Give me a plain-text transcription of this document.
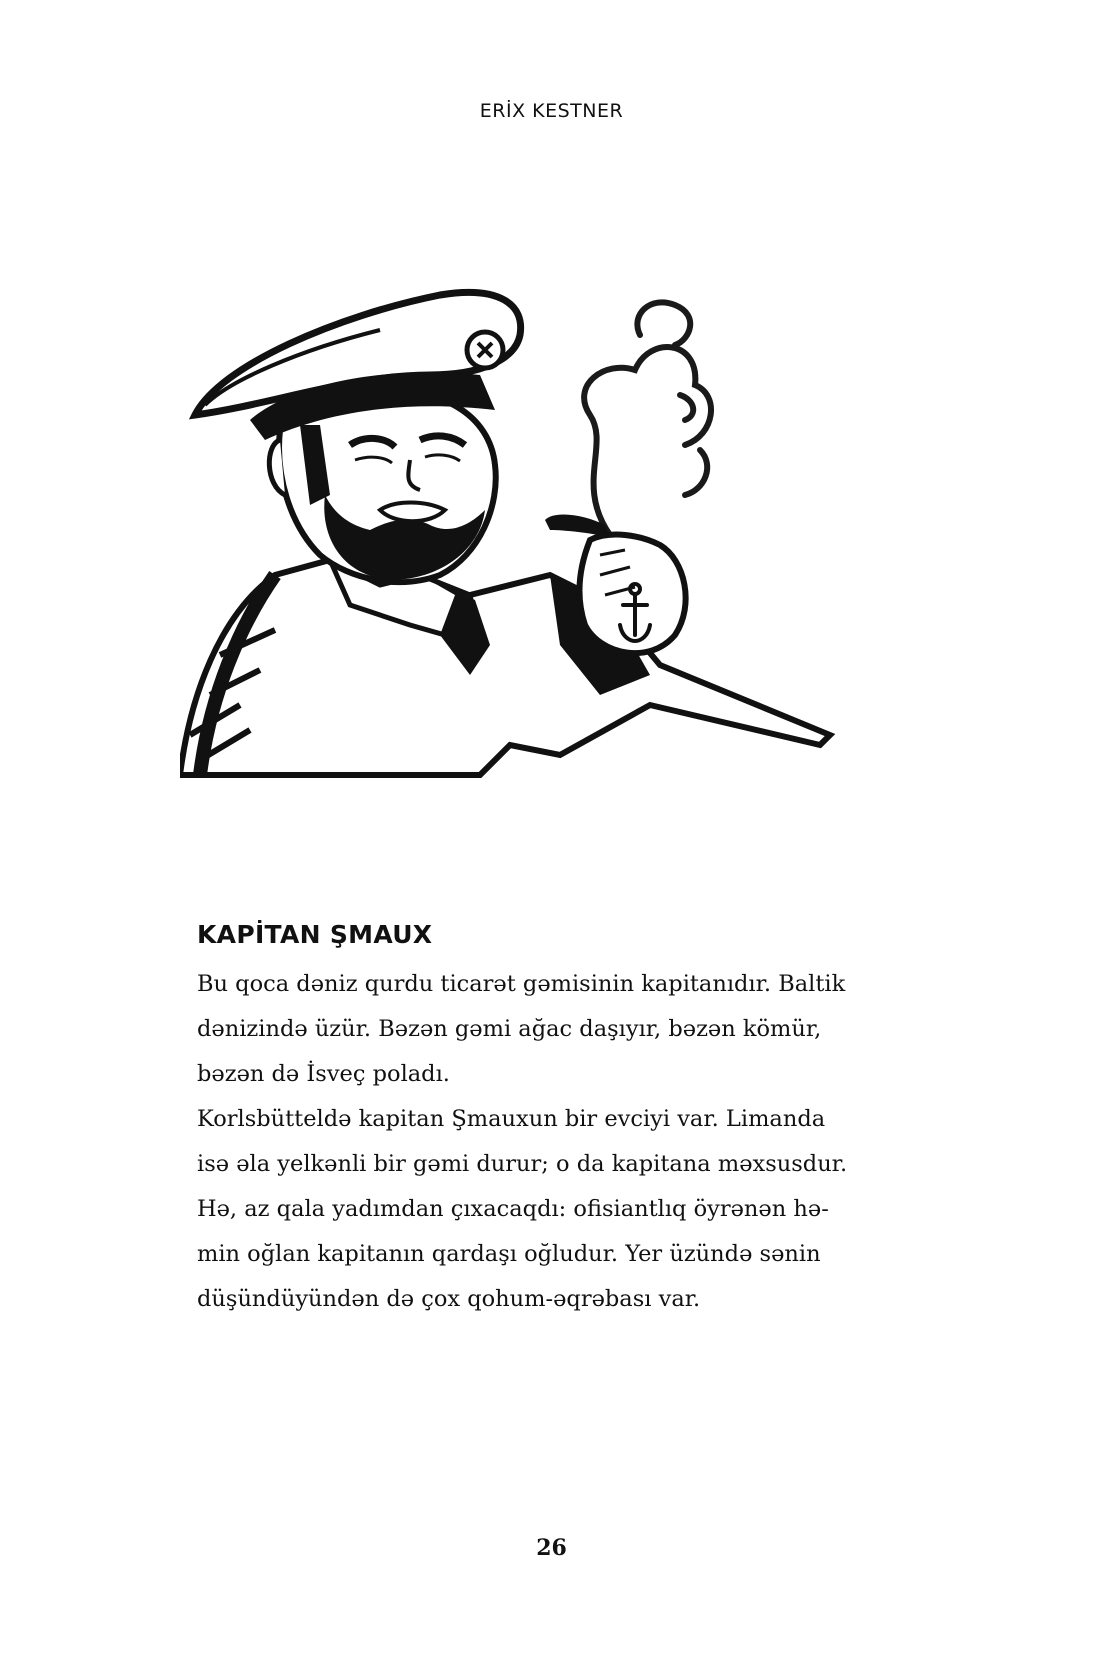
ERİX KESTNER
KAPİTAN ŞMAUX

Bu qoca dəniz qurdu ticarət gəmisinin kapitanıdır. Baltik
dənizində üzür. Bəzən gəmi ağac daşıyır, bəzən kömür,
bəzən də İsveç poladı.

Korlsbütteldə kapitan Şmauxun bir evciyi var. Limanda
isə əla yelkənli bir gəmi durur; o da kapitana məxsusdur.
Hə, az qala yadımdan çıxacaqdı: ofisiantlıq öyrənən hə-
min oğlan kapitanın qardaşı oğludur. Yer üzündə sənin
düşündüyündən də çox qohum-əqrəbası var.

26
